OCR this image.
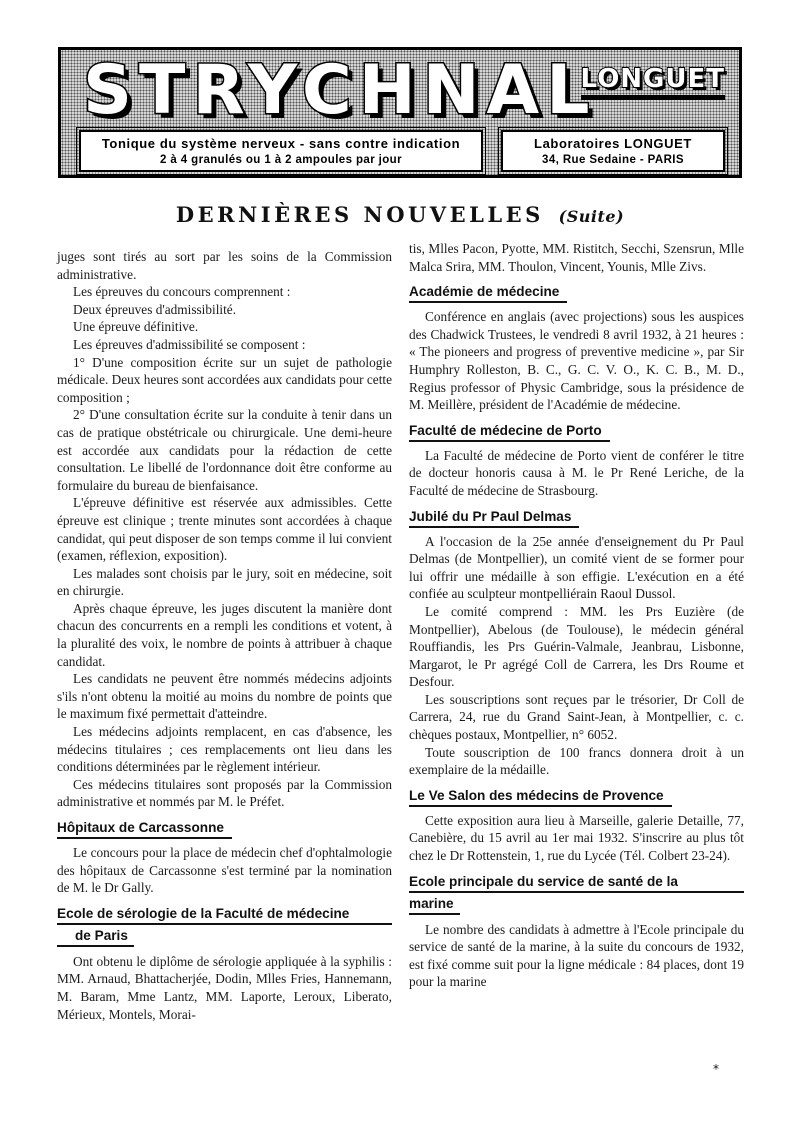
STRYCHNAL
LONGUET
Tonique du système nerveux - sans contre indication
2 à 4 granulés ou 1 à 2 ampoules par jour
Laboratoires LONGUET
34, Rue Sedaine - PARIS
DERNIÈRES NOUVELLES (Suite)

juges sont tirés au sort par les soins de la Commission administrative.

Les épreuves du concours comprennent :

Deux épreuves d'admissibilité.

Une épreuve définitive.

Les épreuves d'admissibilité se composent :

1° D'une composition écrite sur un sujet de pathologie médicale. Deux heures sont accordées aux candidats pour cette composition ;

2° D'une consultation écrite sur la conduite à tenir dans un cas de pratique obstétricale ou chirurgicale. Une demi-heure est accordée aux candidats pour la rédaction de cette consultation. Le libellé de l'ordonnance doit être conforme au formulaire du bureau de bienfaisance.

L'épreuve définitive est réservée aux admissibles. Cette épreuve est clinique ; trente minutes sont accordées à chaque candidat, qui peut disposer de son temps comme il lui convient (examen, réflexion, exposition).

Les malades sont choisis par le jury, soit en médecine, soit en chirurgie.

Après chaque épreuve, les juges discutent la manière dont chacun des concurrents en a rempli les conditions et votent, à la pluralité des voix, le nombre de points à attribuer à chaque candidat.

Les candidats ne peuvent être nommés médecins adjoints s'ils n'ont obtenu la moitié au moins du nombre de points que le maximum fixé permettait d'atteindre.

Les médecins adjoints remplacent, en cas d'absence, les médecins titulaires ; ces remplacements ont lieu dans les conditions déterminées par le règlement intérieur.

Ces médecins titulaires sont proposés par la Commission administrative et nommés par M. le Préfet.

Hôpitaux de Carcassonne

Le concours pour la place de médecin chef d'ophtalmologie des hôpitaux de Carcassonne s'est terminé par la nomination de M. le Dr Gally.

Ecole de sérologie de la Faculté de médecine
de Paris

Ont obtenu le diplôme de sérologie appliquée à la syphilis : MM. Arnaud, Bhattacherjée, Dodin, Mlles Fries, Hannemann, M. Baram, Mme Lantz, MM. Laporte, Leroux, Liberato, Mérieux, Montels, Morai-

tis, Mlles Pacon, Pyotte, MM. Ristitch, Secchi, Szensrun, Mlle Malca Srira, MM. Thoulon, Vincent, Younis, Mlle Zivs.

Académie de médecine

Conférence en anglais (avec projections) sous les auspices des Chadwick Trustees, le vendredi 8 avril 1932, à 21 heures : « The pioneers and progress of preventive medicine », par Sir Humphry Rolleston, B. C., G. C. V. O., K. C. B., M. D., Regius professor of Physic Cambridge, sous la présidence de M. Meillère, président de l'Académie de médecine.

Faculté de médecine de Porto

La Faculté de médecine de Porto vient de conférer le titre de docteur honoris causa à M. le Pr René Leriche, de la Faculté de médecine de Strasbourg.

Jubilé du Pr Paul Delmas

A l'occasion de la 25e année d'enseignement du Pr Paul Delmas (de Montpellier), un comité vient de se former pour lui offrir une médaille à son effigie. L'exécution en a été confiée au sculpteur montpelliérain Raoul Dussol.

Le comité comprend : MM. les Prs Euzière (de Montpellier), Abelous (de Toulouse), le médecin général Rouffiandis, les Prs Guérin-Valmale, Jeanbrau, Lisbonne, Margarot, le Pr agrégé Coll de Carrera, les Drs Roume et Desfour.

Les souscriptions sont reçues par le trésorier, Dr Coll de Carrera, 24, rue du Grand Saint-Jean, à Montpellier, c. c. chèques postaux, Montpellier, n° 6052.

Toute souscription de 100 francs donnera droit à un exemplaire de la médaille.

Le Ve Salon des médecins de Provence

Cette exposition aura lieu à Marseille, galerie Detaille, 77, Canebière, du 15 avril au 1er mai 1932. S'inscrire au plus tôt chez le Dr Rottenstein, 1, rue du Lycée (Tél. Colbert 23-24).

Ecole principale du service de santé de la
marine

Le nombre des candidats à admettre à l'Ecole principale du service de santé de la marine, à la suite du concours de 1932, est fixé comme suit pour la ligne médicale : 84 places, dont 19 pour la marine

*
